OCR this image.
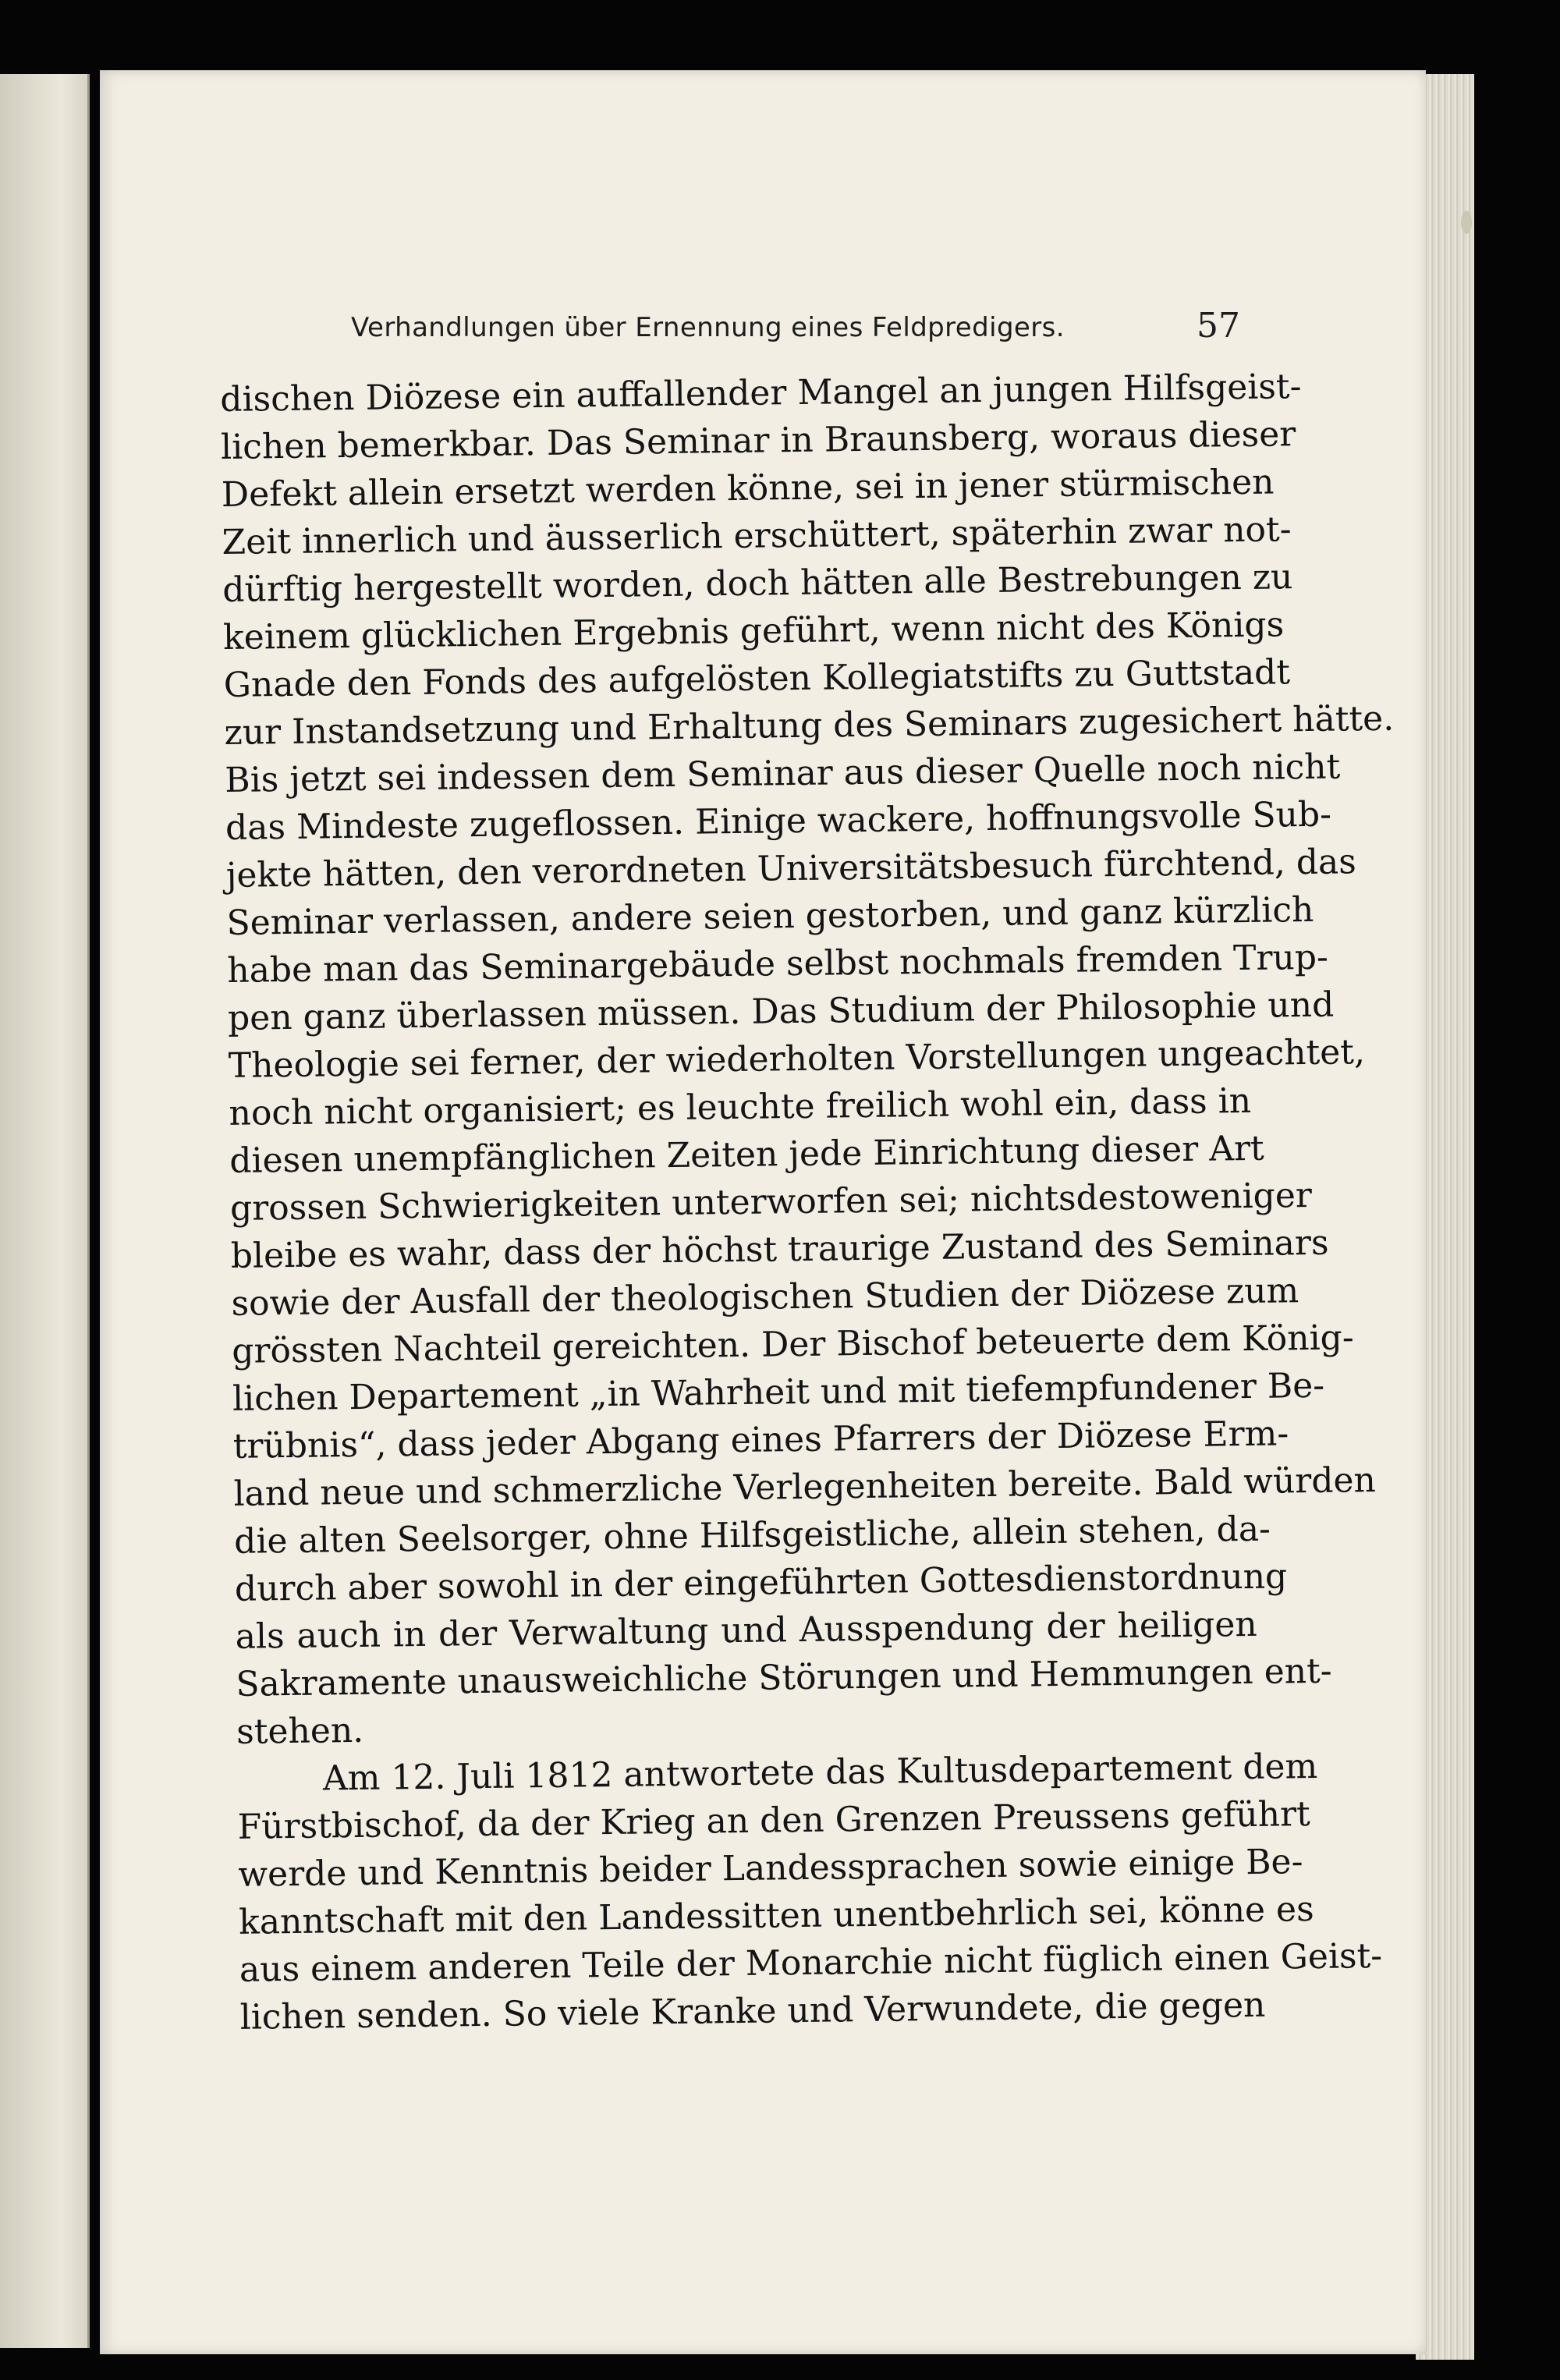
Verhandlungen über Ernennung eines Feldpredigers.	57
dischen Diözese ein auffallender Mangel an jungen Hilfsgeist-
lichen bemerkbar. Das Seminar in Braunsberg, woraus dieser
Defekt allein ersetzt werden könne, sei in jener stürmischen
Zeit innerlich und äusserlich erschüttert, späterhin zwar not-
dürftig hergestellt worden, doch hätten alle Bestrebungen zu
keinem glücklichen Ergebnis geführt, wenn nicht des Königs
Gnade den Fonds des aufgelösten Kollegiatstifts zu Guttstadt
zur Instandsetzung und Erhaltung des Seminars zugesichert hätte.
Bis jetzt sei indessen dem Seminar aus dieser Quelle noch nicht
das Mindeste zugeflossen. Einige wackere, hoffnungsvolle Sub-
jekte hätten, den verordneten Universitätsbesuch fürchtend, das
Seminar verlassen, andere seien gestorben, und ganz kürzlich
habe man das Seminargebäude selbst nochmals fremden Trup-
pen ganz überlassen müssen. Das Studium der Philosophie und
Theologie sei ferner, der wiederholten Vorstellungen ungeachtet,
noch nicht organisiert; es leuchte freilich wohl ein, dass in
diesen unempfänglichen Zeiten jede Einrichtung dieser Art
grossen Schwierigkeiten unterworfen sei; nichtsdestoweniger
bleibe es wahr, dass der höchst traurige Zustand des Seminars
sowie der Ausfall der theologischen Studien der Diözese zum
grössten Nachteil gereichten. Der Bischof beteuerte dem König-
lichen Departement „in Wahrheit und mit tiefempfundener Be-
trübnis“, dass jeder Abgang eines Pfarrers der Diözese Erm-
land neue und schmerzliche Verlegenheiten bereite. Bald würden
die alten Seelsorger, ohne Hilfsgeistliche, allein stehen, da-
durch aber sowohl in der eingeführten Gottesdienstordnung
als auch in der Verwaltung und Ausspendung der heiligen
Sakramente unausweichliche Störungen und Hemmungen ent-
stehen.
Am 12. Juli 1812 antwortete das Kultusdepartement dem
Fürstbischof, da der Krieg an den Grenzen Preussens geführt
werde und Kenntnis beider Landessprachen sowie einige Be-
kanntschaft mit den Landessitten unentbehrlich sei, könne es
aus einem anderen Teile der Monarchie nicht füglich einen Geist-
lichen senden. So viele Kranke und Verwundete, die gegen
